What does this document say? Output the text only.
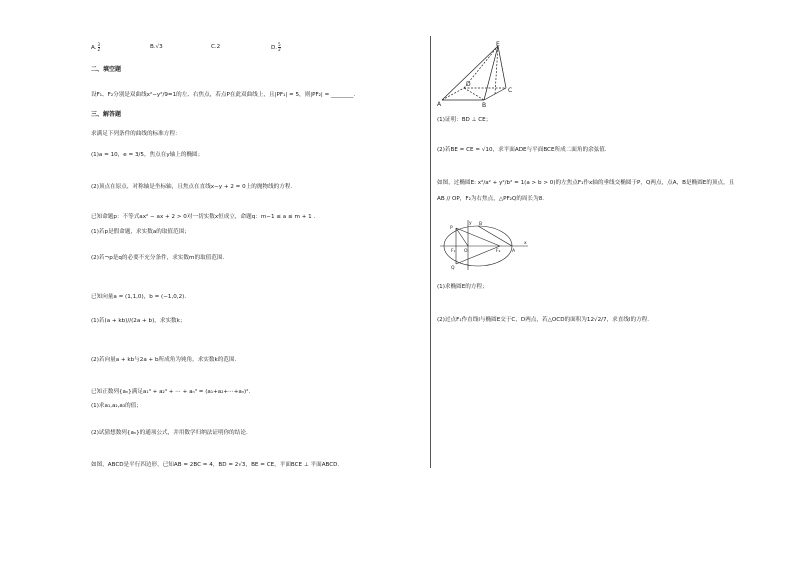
A. $\frac{3}{2}$	B.√3	C.2	D. $\frac{5}{2}$
二、填空题
设F₁、F₂分别是双曲线x²−y²/9=1的左、右焦点，若点P在此双曲线上，且|PF₁| = 5，则|PF₂| = ________.
三、解答题
求满足下列条件的曲线的标准方程：
(1)a = 10，e = 3/5，焦点在y轴上的椭圆；
(2)顶点在原点，对称轴是坐标轴，且焦点在直线x−y + 2 = 0上的抛物线的方程.
已知命题p：不等式ax² − ax + 2 > 0对一切实数x恒成立，命题q：m−1 ≤ a ≤ m + 1 .
(1)若p是假命题，求实数a的取值范围；
(2)若¬p是q的必要不充分条件，求实数m的取值范围.
已知向量a = (1,1,0)，b = (−1,0,2).
(1)若(a + kb)//(2a + b)，求实数k；
(2)若向量a + kb与2a + b所成角为钝角，求实数k的范围.
已知正数列{aₙ}满足a₁³ + a₂³ + ⋯ + aₙ³ = (a₁+a₂+⋯+aₙ)².
(1)求a₁,a₂,a₃的值；
(2)试猜想数列{aₙ}的通项公式，并用数学归纳法证明你的结论.
如图，ABCD是平行四边形，已知AB = 2BC = 4，BD = 2√3，BE = CE，平面BCE ⊥ 平面ABCD.
E
D
A	B
C
(1)证明：BD ⊥ CE；
(2)若BE = CE = √10，求平面ADE与平面BCE所成二面角的余弦值.
如图，过椭圆E: x²/a² + y²/b² = 1(a > b > 0)的左焦点F₁作x轴的垂线交椭圆于P，Q两点，点A，B是椭圆E的顶点，且
AB // OP，F₂为右焦点，△PF₂Q的周长为8.
y
P
B
F₁ O	F₂	A
x
Q
(1)求椭圆E的方程；
(2)过点F₁作直线l与椭圆E交于C，D两点，若△OCD的面积为12√2/7，求直线l的方程.
